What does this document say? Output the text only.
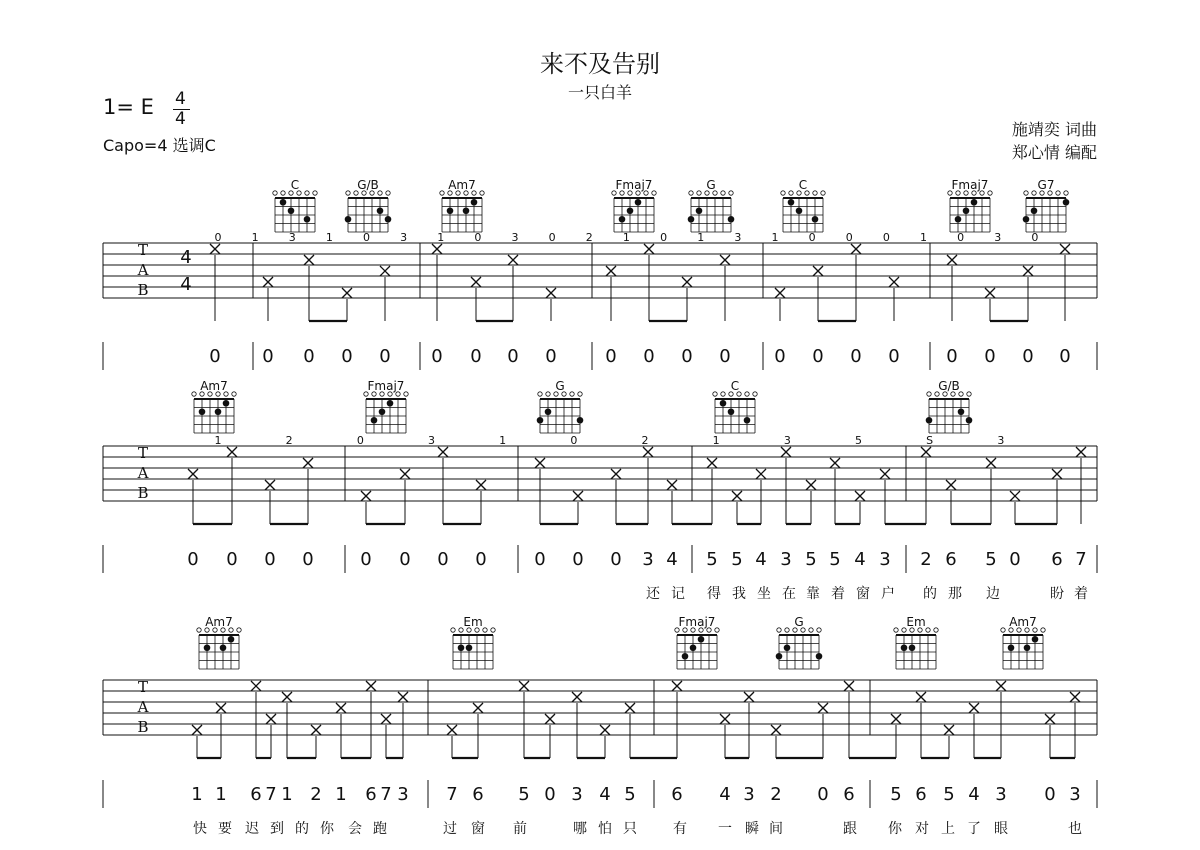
来不及告别
一只白羊
1= E 4
4
Capo=4 选调C
施靖奕 词曲
郑心情 编配
C	G/B	Am7	Fmaj7	G	C	Fmaj7	G7
T
A
B
4
4
0	1	3	1	0	3	1	0	3	0	2	1	0	1	3	1	0	0	0	1	0	3	0
0 0 0 0 0 0 0 0 0	0 0 0 0 0 0 0 0	0 0 0 0
Am7	Fmaj7	G	C	G/B
T
A
B
1	2	0	3	1	0	2	1	3	5	S	3
0 0 0 0	0 0 0 0	0 0 0 3 4 5 5 4 3 5 5 4 3 2 6 5 0 6 7
还 记 得 我 坐 在 靠 着 窗 户 的 那 边	盼 着
Am7	Em	Fmaj7	G	Em	Am7
T
A
B
1 1 6 7 1 2 1 6 7 3 7 6 5 0 3 4 5 6 4 3 2 0 6 5 6 5 4 3 0 3
快 要 迟 到 的 你 会 跑	过 窗 前	哪 怕 只	有 一 瞬 间	跟 你 对 上 了 眼	也
